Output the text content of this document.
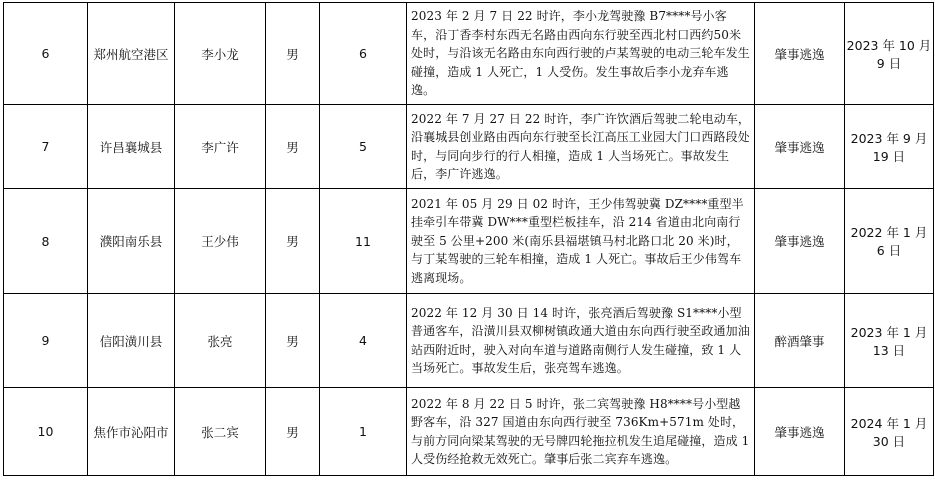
6	郑州航空港区	李小龙	男	6	2023 年 2 月 7 日 22 时许，李小龙驾驶豫 B7****号小客车，沿丁香李村东西无名路由西向东行驶至西北村口西约50米处时，与沿该无名路由东向西行驶的卢某驾驶的电动三轮车发生碰撞，造成 1 人死亡，1 人受伤。发生事故后李小龙弃车逃逸。	肇事逃逸	2023 年 10 月 9 日
7	许昌襄城县	李广许	男	5	2022 年 7 月 27 日 22 时许，李广许饮酒后驾驶二轮电动车，沿襄城县创业路由西向东行驶至长江高压工业园大门口西路段处时，与同向步行的行人相撞，造成 1 人当场死亡。事故发生后，李广许逃逸。	肇事逃逸	2023 年 9 月 19 日
8	濮阳南乐县	王少伟	男	11	2021 年 05 月 29 日 02 时许，王少伟驾驶冀 DZ****重型半挂牵引车带冀 DW***重型栏板挂车，沿 214 省道由北向南行驶至 5 公里+200 米(南乐县福堪镇马村北路口北 20 米)时，与丁某驾驶的三轮车相撞，造成 1 人死亡。事故后王少伟驾车逃离现场。	肇事逃逸	2022 年 1 月 6 日
9	信阳潢川县	张亮	男	4	2022 年 12 月 30 日 14 时许，张亮酒后驾驶豫 S1****小型普通客车，沿潢川县双柳树镇政通大道由东向西行驶至政通加油站西附近时，驶入对向车道与道路南侧行人发生碰撞，致 1 人当场死亡。事故发生后，张亮驾车逃逸。	醉酒肇事	2023 年 1 月 13 日
10	焦作市沁阳市	张二宾	男	1	2022 年 8 月 22 日 5 时许，张二宾驾驶豫 H8****号小型越野客车，沿 327 国道由东向西行驶至 736Km+571m 处时，与前方同向梁某驾驶的无号牌四轮拖拉机发生追尾碰撞，造成 1 人受伤经抢救无效死亡。肇事后张二宾弃车逃逸。	肇事逃逸	2024 年 1 月 30 日
